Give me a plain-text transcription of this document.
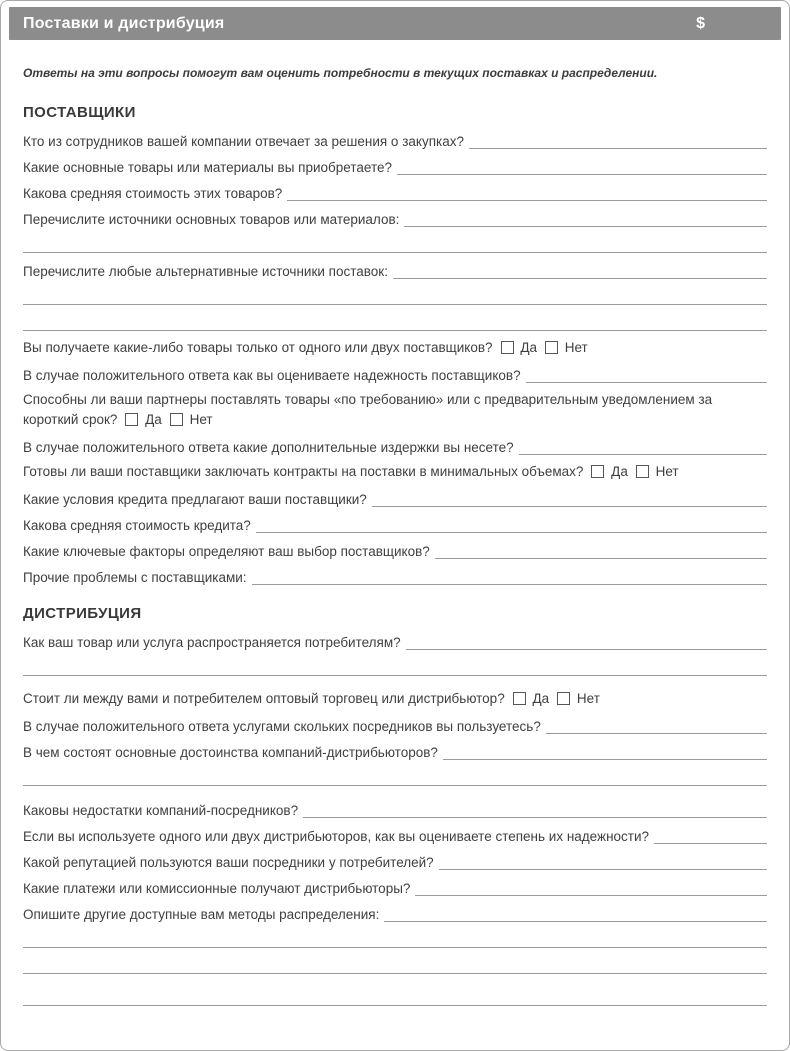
Поставки и дистрибуция	$

Ответы на эти вопросы помогут вам оценить потребности в текущих поставках и распределении.

ПОСТАВЩИКИ
Кто из сотрудников вашей компании отвечает за решения о закупках?
Какие основные товары или материалы вы приобретаете?
Какова средняя стоимость этих товаров?
Перечислите источники основных товаров или материалов:
Перечислите любые альтернативные источники поставок:
Вы получаете какие-либо товары только от одного или двух поставщиков? Да Нет
В случае положительного ответа как вы оцениваете надежность поставщиков?
Способны ли ваши партнеры поставлять товары «по требованию» или с предварительным уведомлением за короткий срок? Да Нет
В случае положительного ответа какие дополнительные издержки вы несете?
Готовы ли ваши поставщики заключать контракты на поставки в минимальных объемах? Да Нет
Какие условия кредита предлагают ваши поставщики?
Какова средняя стоимость кредита?
Какие ключевые факторы определяют ваш выбор поставщиков?
Прочие проблемы с поставщиками:
ДИСТРИБУЦИЯ
Как ваш товар или услуга распространяется потребителям?
Стоит ли между вами и потребителем оптовый торговец или дистрибьютор? Да Нет
В случае положительного ответа услугами скольких посредников вы пользуетесь?
В чем состоят основные достоинства компаний-дистрибьюторов?
Каковы недостатки компаний-посредников?
Если вы используете одного или двух дистрибьюторов, как вы оцениваете степень их надежности?
Какой репутацией пользуются ваши посредники у потребителей?
Какие платежи или комиссионные получают дистрибьюторы?
Опишите другие доступные вам методы распределения:
